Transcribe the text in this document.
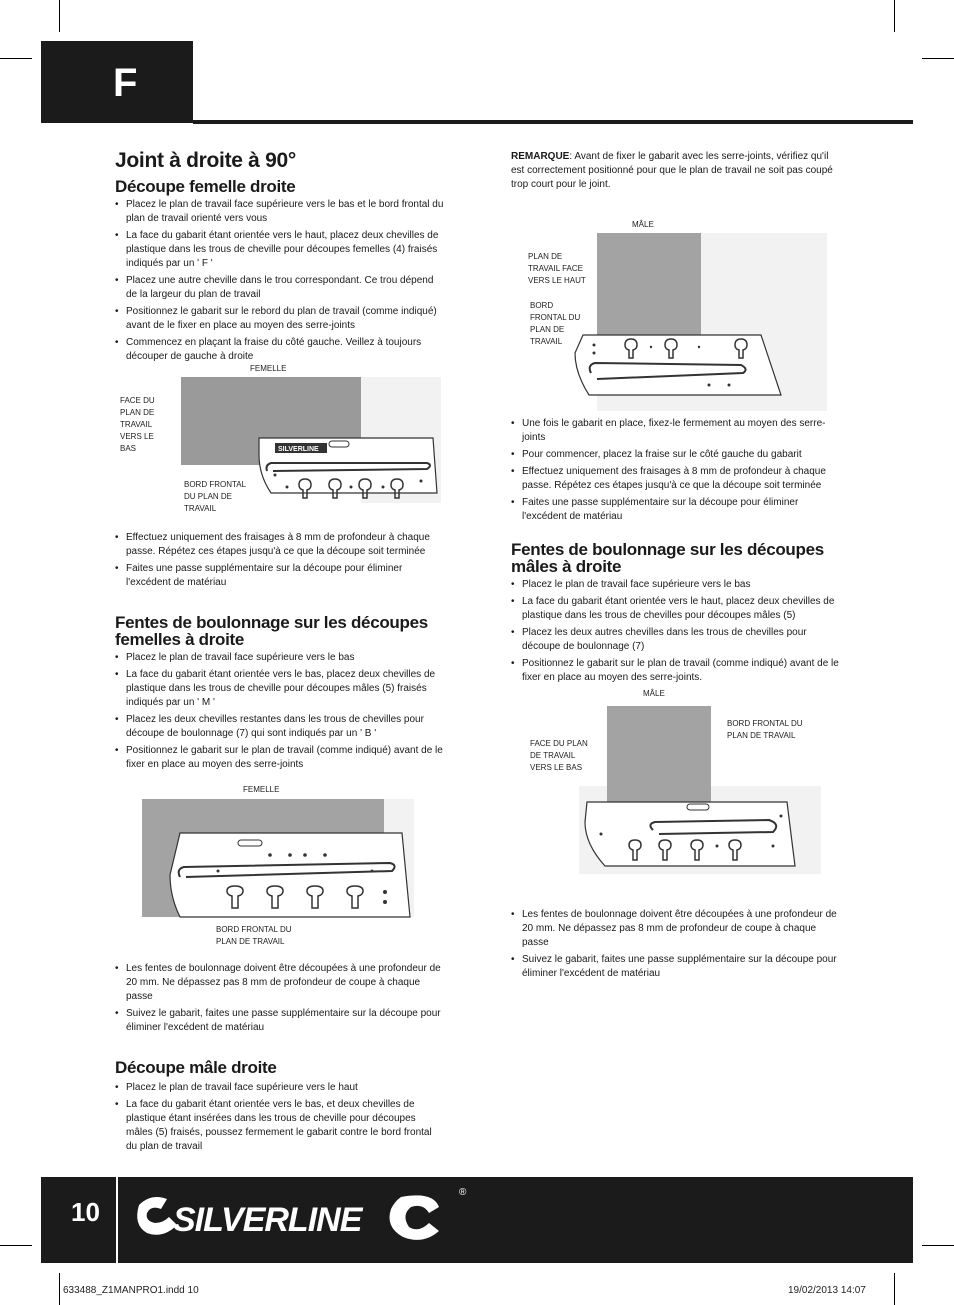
F
Joint à droite à 90°
Découpe femelle droite
• Placez le plan de travail face supérieure vers le bas et le bord frontal du plan de travail orienté vers vous
• La face du gabarit étant orientée vers le haut, placez deux chevilles de plastique dans les trous de cheville pour découpes femelles (4) fraisés indiqués par un ' F '
• Placez une autre cheville dans le trou correspondant. Ce trou dépend de la largeur du plan de travail
• Positionnez le gabarit sur le rebord du plan de travail (comme indiqué) avant de le fixer en place au moyen des serre-joints
• Commencez en plaçant la fraise du côté gauche. Veillez à toujours découper de gauche à droite
FEMELLE
FACE DU PLAN DE TRAVAIL VERS LE BAS
BORD FRONTAL DU PLAN DE TRAVAIL
SILVERLINE
• Effectuez uniquement des fraisages à 8 mm de profondeur à chaque passe. Répétez ces étapes jusqu'à ce que la découpe soit terminée
• Faites une passe supplémentaire sur la découpe pour éliminer l'excédent de matériau
Fentes de boulonnage sur les découpes femelles à droite
• Placez le plan de travail face supérieure vers le bas
• La face du gabarit étant orientée vers le bas, placez deux chevilles de plastique dans les trous de cheville pour découpes mâles (5) fraisés indiqués par un ' M '
• Placez les deux chevilles restantes dans les trous de chevilles pour découpe de boulonnage (7) qui sont indiqués par un ' B '
• Positionnez le gabarit sur le plan de travail (comme indiqué) avant de le fixer en place au moyen des serre-joints
FEMELLE
BORD FRONTAL DU PLAN DE TRAVAIL
• Les fentes de boulonnage doivent être découpées à une profondeur de 20 mm. Ne dépassez pas 8 mm de profondeur de coupe à chaque passe
• Suivez le gabarit, faites une passe supplémentaire sur la découpe pour éliminer l'excédent de matériau
Découpe mâle droite
• Placez le plan de travail face supérieure vers le haut
• La face du gabarit étant orientée vers le bas, et deux chevilles de plastique étant insérées dans les trous de cheville pour découpes mâles (5) fraisés, poussez fermement le gabarit contre le bord frontal du plan de travail
REMARQUE: Avant de fixer le gabarit avec les serre-joints, vérifiez qu'il est correctement positionné pour que le plan de travail ne soit pas coupé trop court pour le joint.
MÂLE
PLAN DE TRAVAIL FACE VERS LE HAUT
BORD FRONTAL DU PLAN DE TRAVAIL
• Une fois le gabarit en place, fixez-le fermement au moyen des serre-joints
• Pour commencer, placez la fraise sur le côté gauche du gabarit
• Effectuez uniquement des fraisages à 8 mm de profondeur à chaque passe. Répétez ces étapes jusqu'à ce que la découpe soit terminée
• Faites une passe supplémentaire sur la découpe pour éliminer l'excédent de matériau
Fentes de boulonnage sur les découpes mâles à droite
• Placez le plan de travail face supérieure vers le bas
• La face du gabarit étant orientée vers le haut, placez deux chevilles de plastique dans les trous de chevilles pour découpes mâles (5)
• Placez les deux autres chevilles dans les trous de chevilles pour découpe de boulonnage (7)
• Positionnez le gabarit sur le plan de travail (comme indiqué) avant de le fixer en place au moyen des serre-joints.
MÂLE
FACE DU PLAN DE TRAVAIL VERS LE BAS
BORD FRONTAL DU PLAN DE TRAVAIL
• Les fentes de boulonnage doivent être découpées à une profondeur de 20 mm. Ne dépassez pas 8 mm de profondeur de coupe à chaque passe
• Suivez le gabarit, faites une passe supplémentaire sur la découpe pour éliminer l'excédent de matériau
10 SILVERLINE
®
633488_Z1MANPRO1.indd 10	19/02/2013 14:07
